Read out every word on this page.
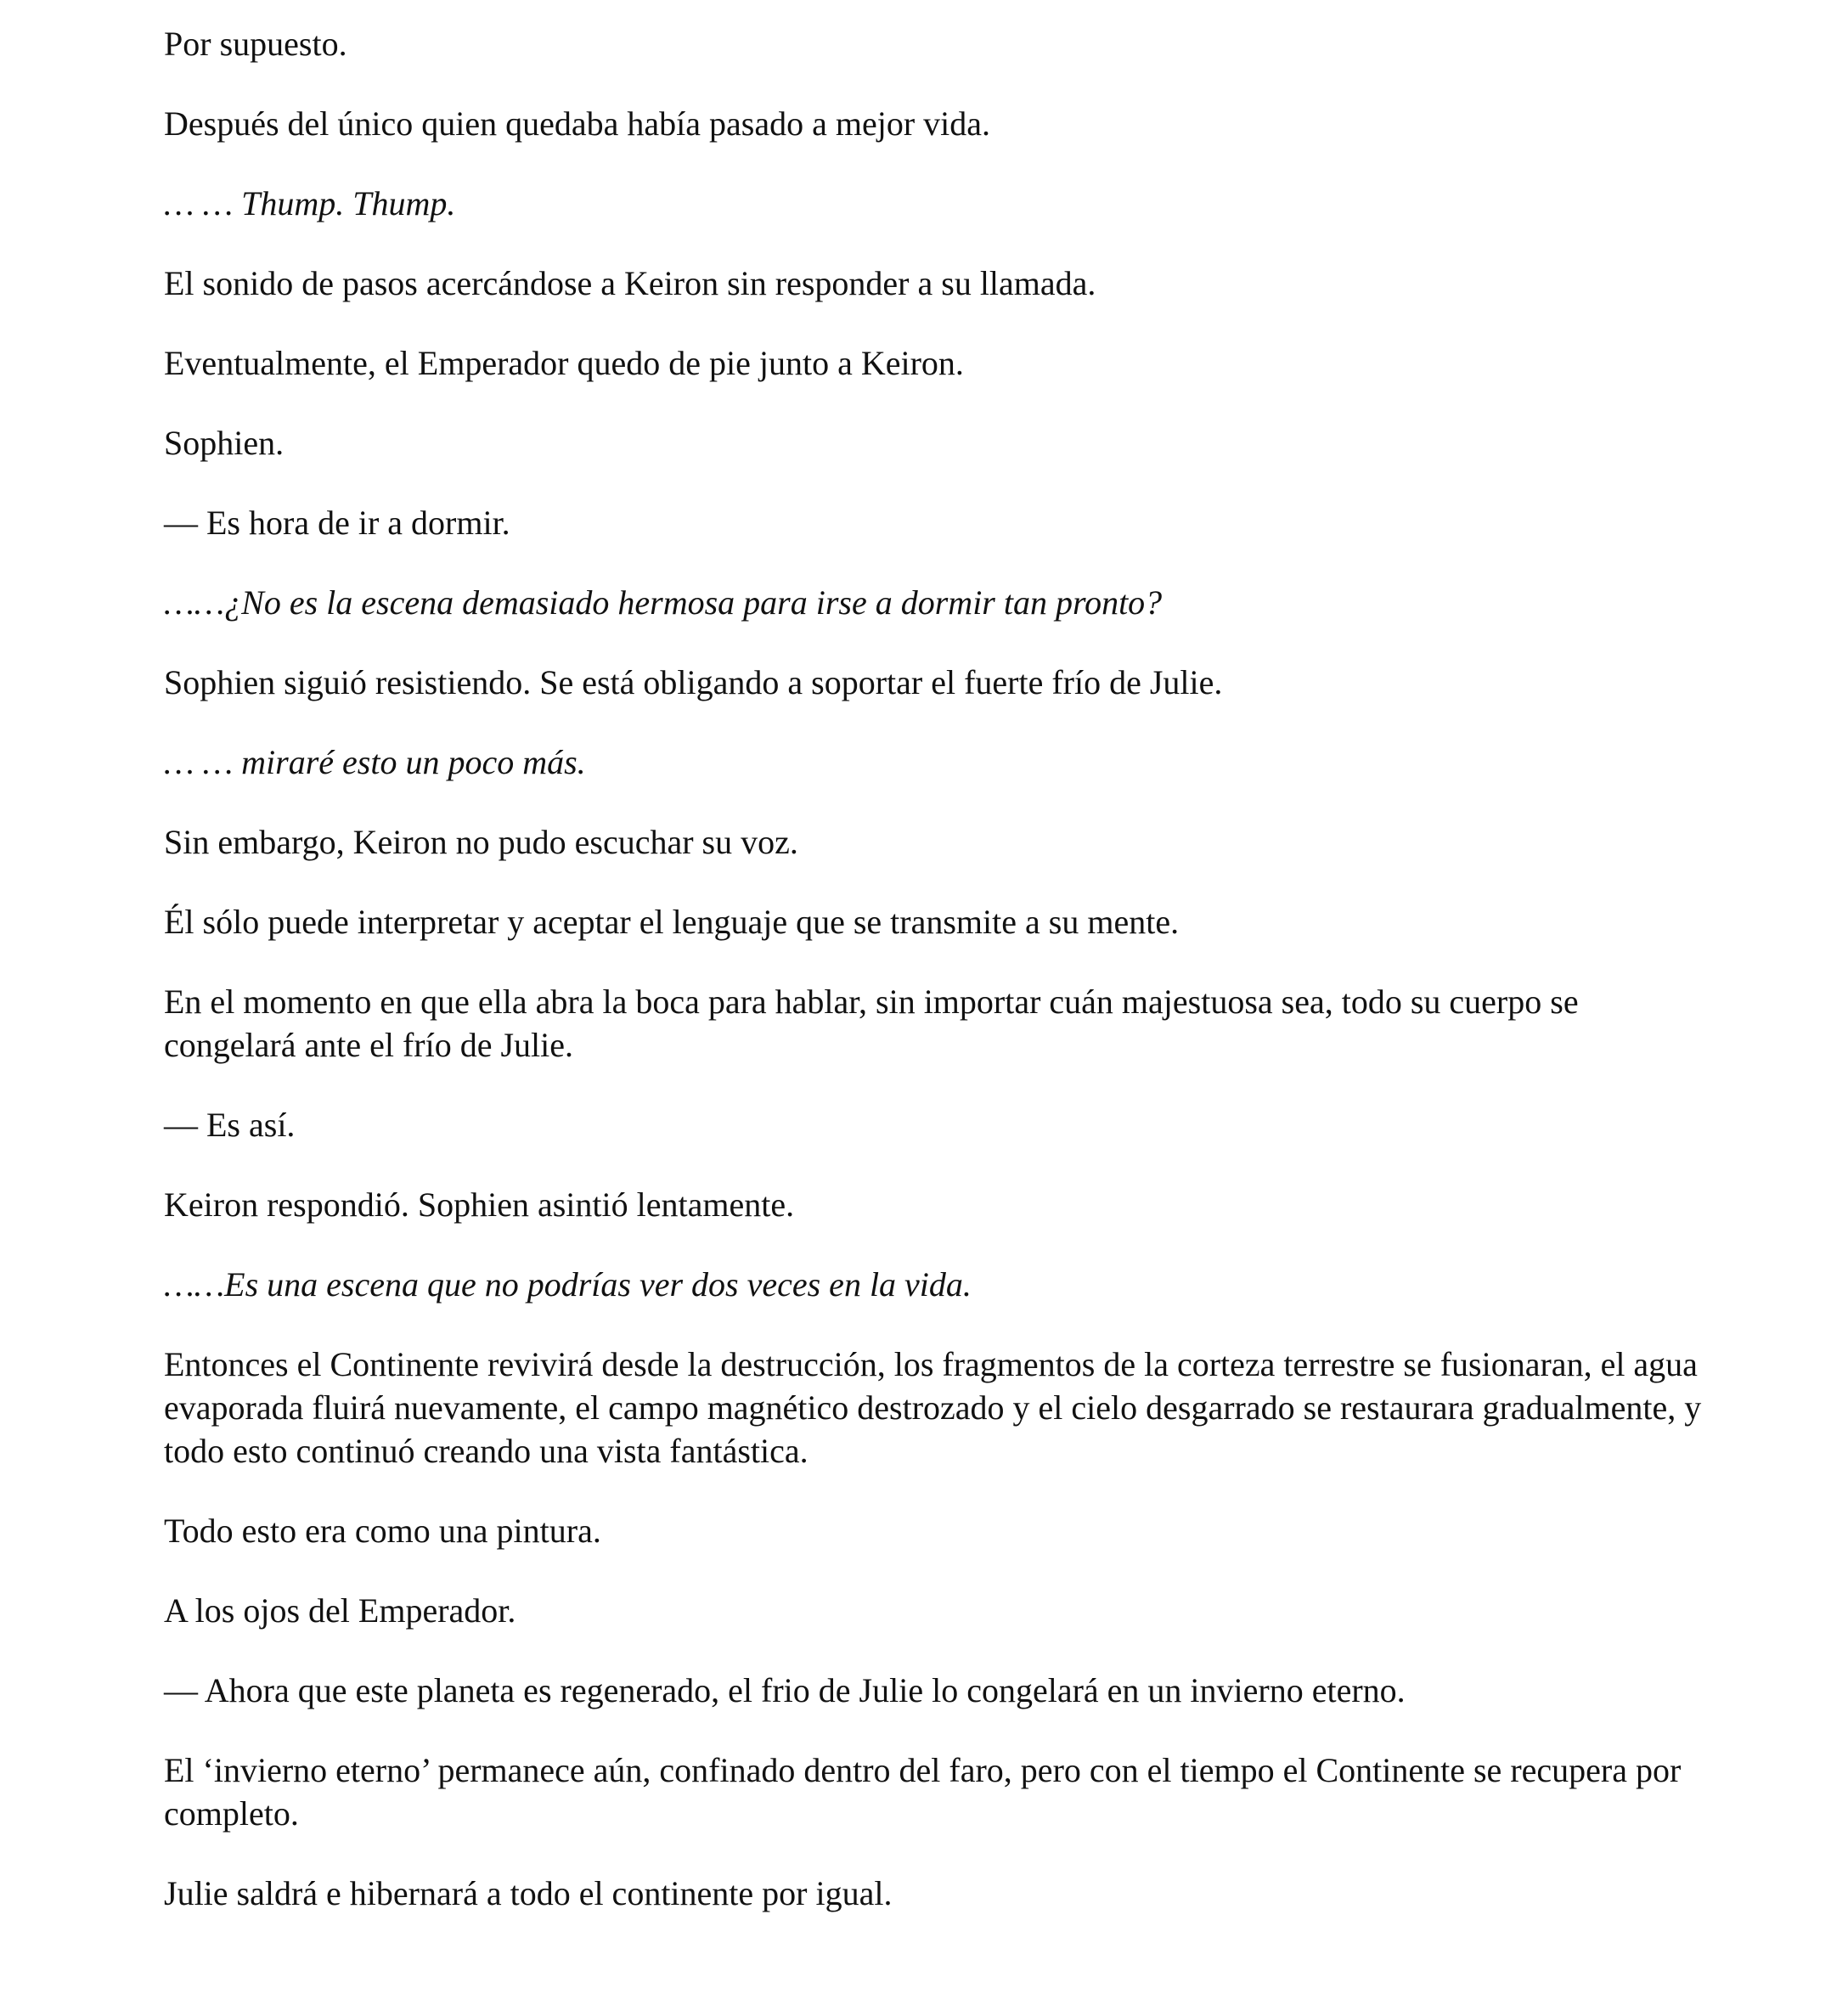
Por supuesto.

Después del único quien quedaba había pasado a mejor vida.

… … Thump. Thump.

El sonido de pasos acercándose a Keiron sin responder a su llamada.

Eventualmente, el Emperador quedo de pie junto a Keiron.

Sophien.

— Es hora de ir a dormir.

……¿No es la escena demasiado hermosa para irse a dormir tan pronto?

Sophien siguió resistiendo. Se está obligando a soportar el fuerte frío de Julie.

… … miraré esto un poco más.

Sin embargo, Keiron no pudo escuchar su voz.

Él sólo puede interpretar y aceptar el lenguaje que se transmite a su mente.

En el momento en que ella abra la boca para hablar, sin importar cuán majestuosa sea, todo su cuerpo se congelará ante el frío de Julie.

— Es así.

Keiron respondió. Sophien asintió lentamente.

……Es una escena que no podrías ver dos veces en la vida.

Entonces el Continente revivirá desde la destrucción, los fragmentos de la corteza terrestre se fusionaran, el agua evaporada fluirá nuevamente, el campo magnético destrozado y el cielo desgarrado se restaurara gradualmente, y todo esto continuó creando una vista fantástica.

Todo esto era como una pintura.

A los ojos del Emperador.

— Ahora que este planeta es regenerado, el frio de Julie lo congelará en un invierno eterno.

El ‘invierno eterno’ permanece aún, confinado dentro del faro, pero con el tiempo el Continente se recupera por completo.

Julie saldrá e hibernará a todo el continente por igual.
